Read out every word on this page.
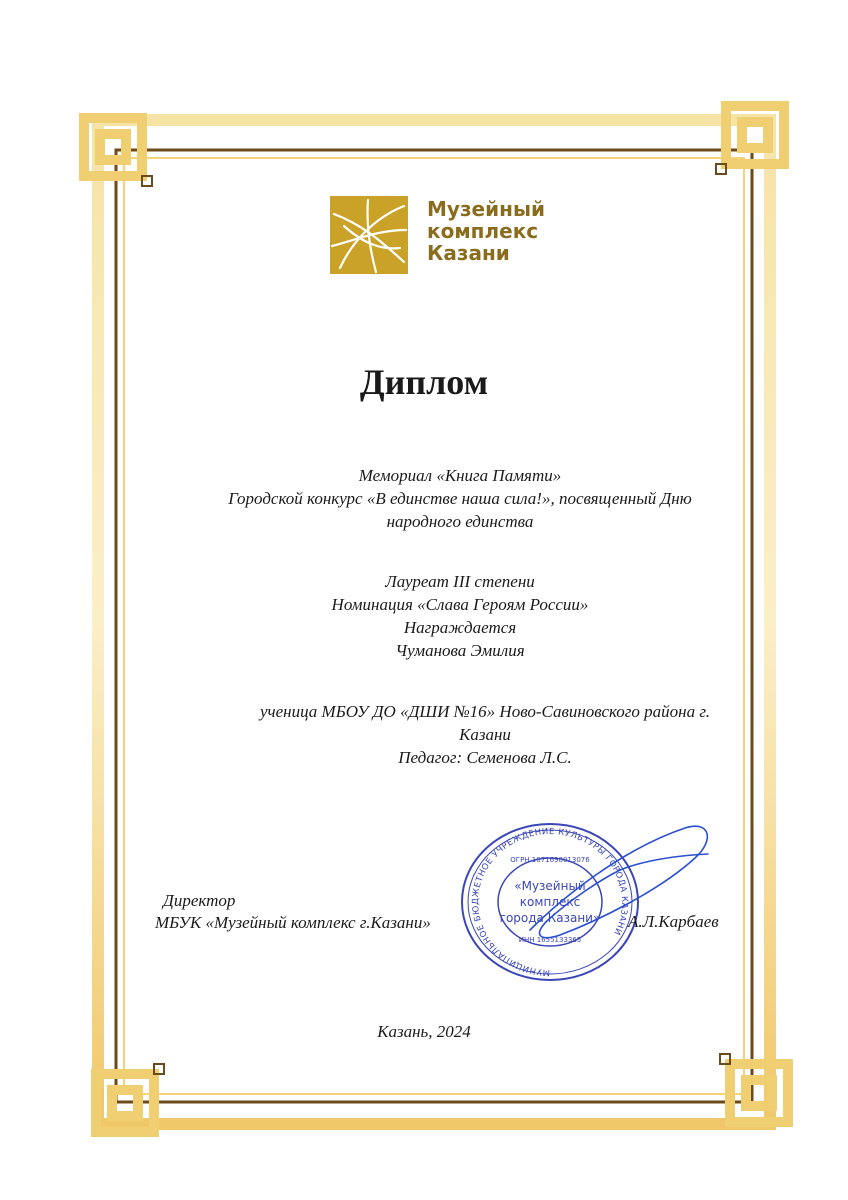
Музейный
комплекс
Казани
Диплом
Мемориал «Книга Памяти»
Городской конкурс «В единстве наша сила!», посвященный Дню
народного единства
Лауреат III степени
Номинация «Слава Героям России»
Награждается
Чуманова Эмилия
ученица МБОУ ДО «ДШИ №16» Ново-Савиновского района г.
Казани
Педагог: Семенова Л.С.
МУНИЦИПАЛЬНОЕ БЮДЖЕТНОЕ УЧРЕЖДЕНИЕ КУЛЬТУРЫ ГОРОДА КАЗАНИ
ОГРН 1071690013076
«Музейный
комплекс
города Казани»
ИНН 1655133365
Директор
МБУК «Музейный комплекс г.Казани»	А.Л.Карбаев
Казань, 2024
